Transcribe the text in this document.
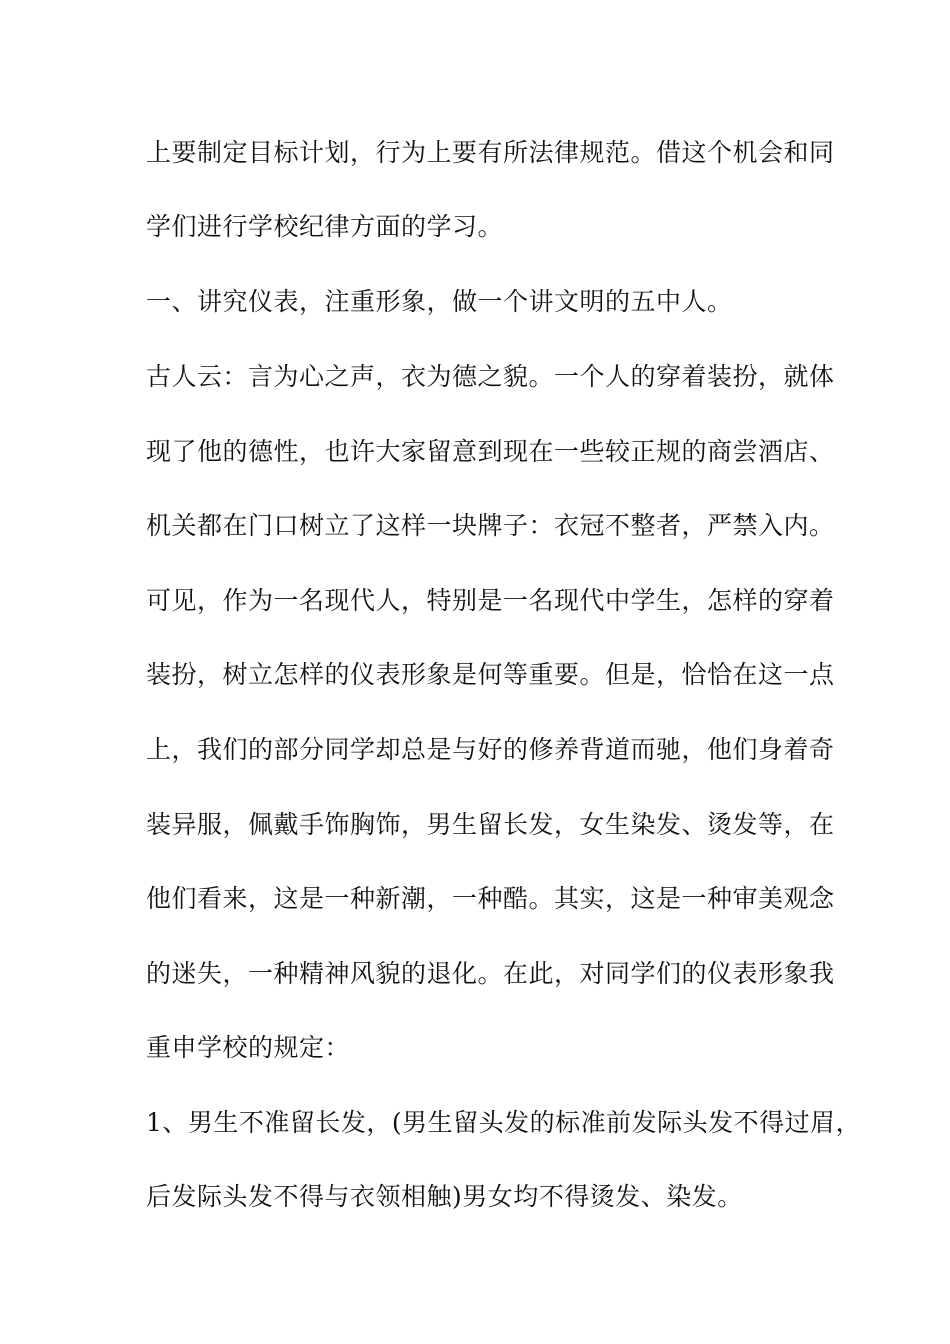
上要制定目标计划，行为上要有所法律规范。借这个机会和同
学们进行学校纪律方面的学习。
一、讲究仪表，注重形象，做一个讲文明的五中人。
古人云：言为心之声，衣为德之貌。一个人的穿着装扮，就体
现了他的德性，也许大家留意到现在一些较正规的商尝酒店、
机关都在门口树立了这样一块牌子：衣冠不整者，严禁入内。
可见，作为一名现代人，特别是一名现代中学生，怎样的穿着
装扮，树立怎样的仪表形象是何等重要。但是，恰恰在这一点
上，我们的部分同学却总是与好的修养背道而驰，他们身着奇
装异服，佩戴手饰胸饰，男生留长发，女生染发、烫发等，在
他们看来，这是一种新潮，一种酷。其实，这是一种审美观念
的迷失，一种精神风貌的退化。在此，对同学们的仪表形象我
重申学校的规定：
1、男生不准留长发，(男生留头发的标准前发际头发不得过眉，
后发际头发不得与衣领相触)男女均不得烫发、染发。
